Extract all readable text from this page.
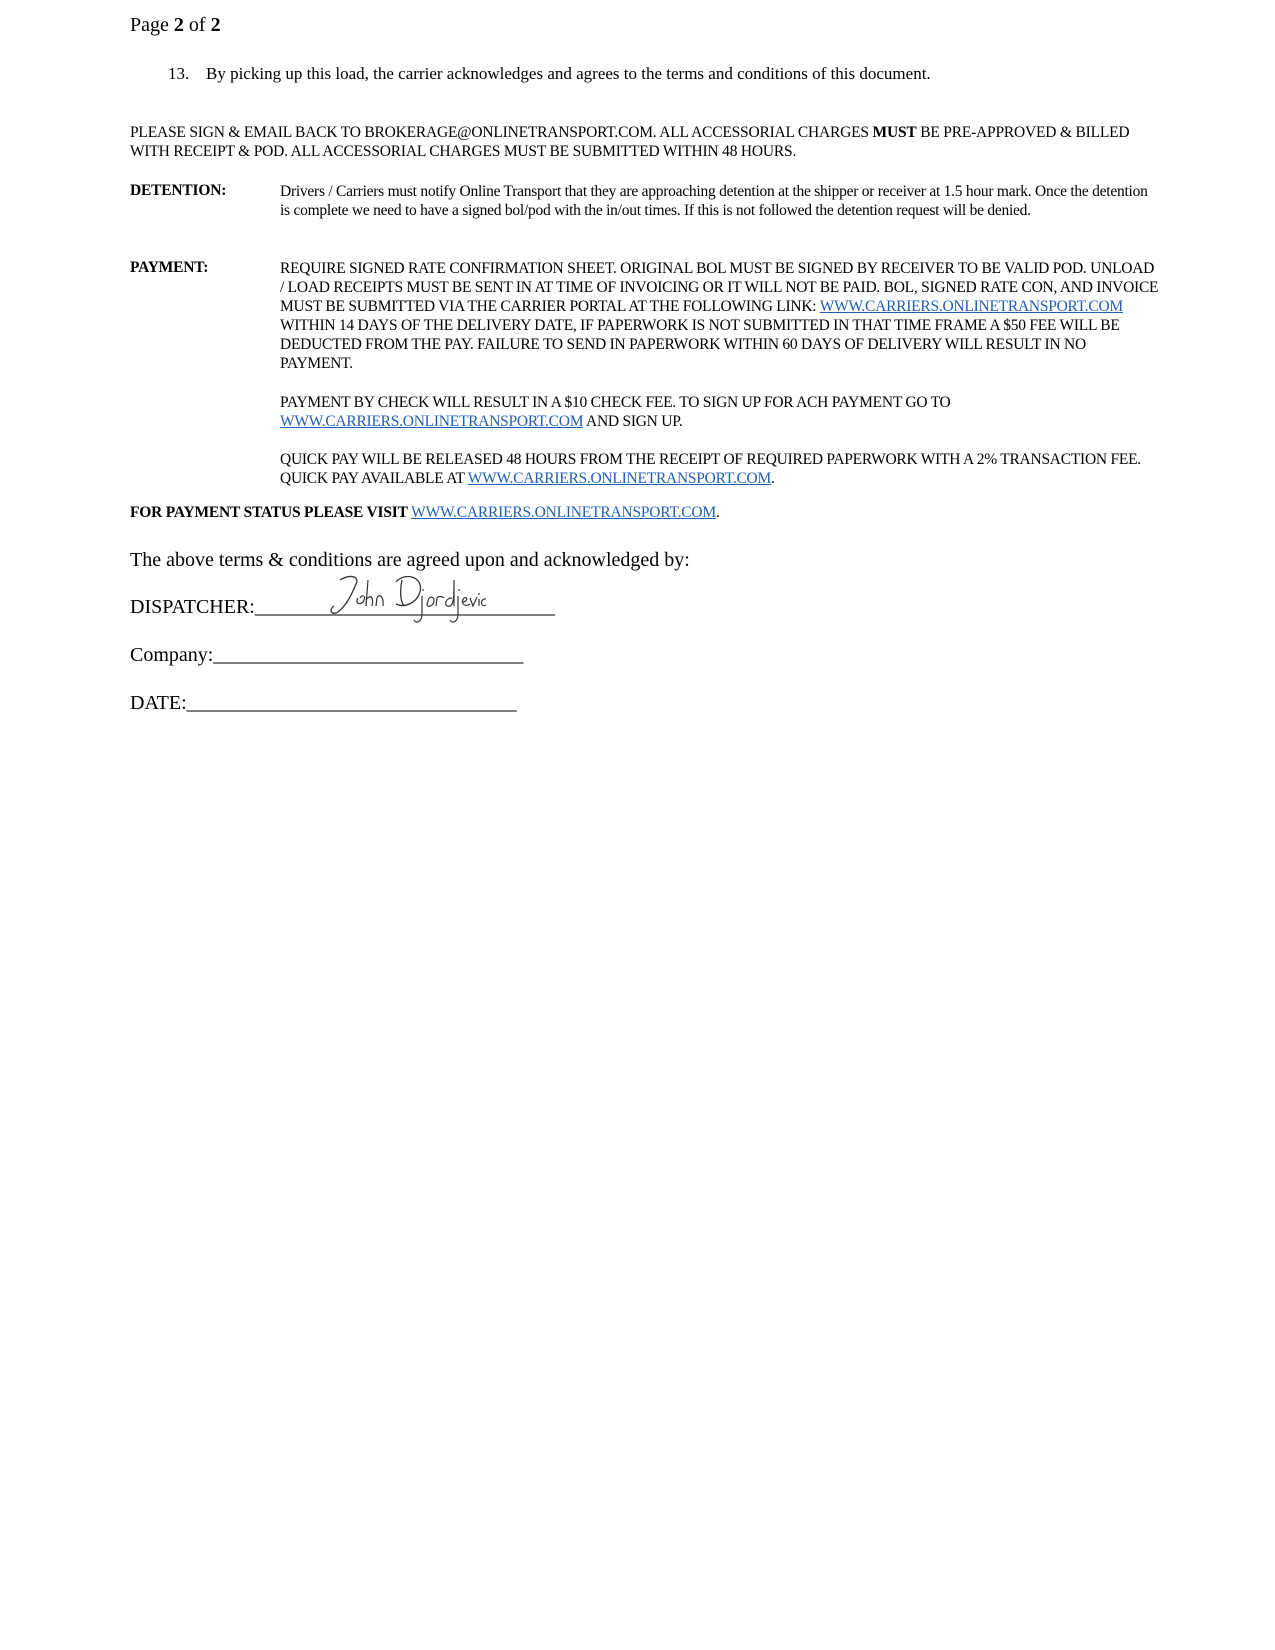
Page 2 of 2
13. By picking up this load, the carrier acknowledges and agrees to the terms and conditions of this document.
PLEASE SIGN & EMAIL BACK TO BROKERAGE@ONLINETRANSPORT.COM. ALL ACCESSORIAL CHARGES MUST BE PRE-APPROVED & BILLED WITH RECEIPT & POD. ALL ACCESSORIAL CHARGES MUST BE SUBMITTED WITHIN 48 HOURS.
DETENTION:	Drivers / Carriers must notify Online Transport that they are approaching detention at the shipper or receiver at 1.5 hour mark. Once the detention is complete we need to have a signed bol/pod with the in/out times. If this is not followed the detention request will be denied.
PAYMENT:	REQUIRE SIGNED RATE CONFIRMATION SHEET. ORIGINAL BOL MUST BE SIGNED BY RECEIVER TO BE VALID POD. UNLOAD / LOAD RECEIPTS MUST BE SENT IN AT TIME OF INVOICING OR IT WILL NOT BE PAID. BOL, SIGNED RATE CON, AND INVOICE MUST BE SUBMITTED VIA THE CARRIER PORTAL AT THE FOLLOWING LINK: WWW.CARRIERS.ONLINETRANSPORT.COM WITHIN 14 DAYS OF THE DELIVERY DATE, IF PAPERWORK IS NOT SUBMITTED IN THAT TIME FRAME A $50 FEE WILL BE DEDUCTED FROM THE PAY. FAILURE TO SEND IN PAPERWORK WITHIN 60 DAYS OF DELIVERY WILL RESULT IN NO PAYMENT.
PAYMENT BY CHECK WILL RESULT IN A $10 CHECK FEE. TO SIGN UP FOR ACH PAYMENT GO TO WWW.CARRIERS.ONLINETRANSPORT.COM AND SIGN UP.
QUICK PAY WILL BE RELEASED 48 HOURS FROM THE RECEIPT OF REQUIRED PAPERWORK WITH A 2% TRANSACTION FEE. QUICK PAY AVAILABLE AT WWW.CARRIERS.ONLINETRANSPORT.COM.
FOR PAYMENT STATUS PLEASE VISIT WWW.CARRIERS.ONLINETRANSPORT.COM.
The above terms & conditions are agreed upon and acknowledged by:
DISPATCHER:______________________________
Company:_______________________________
DATE:_________________________________
